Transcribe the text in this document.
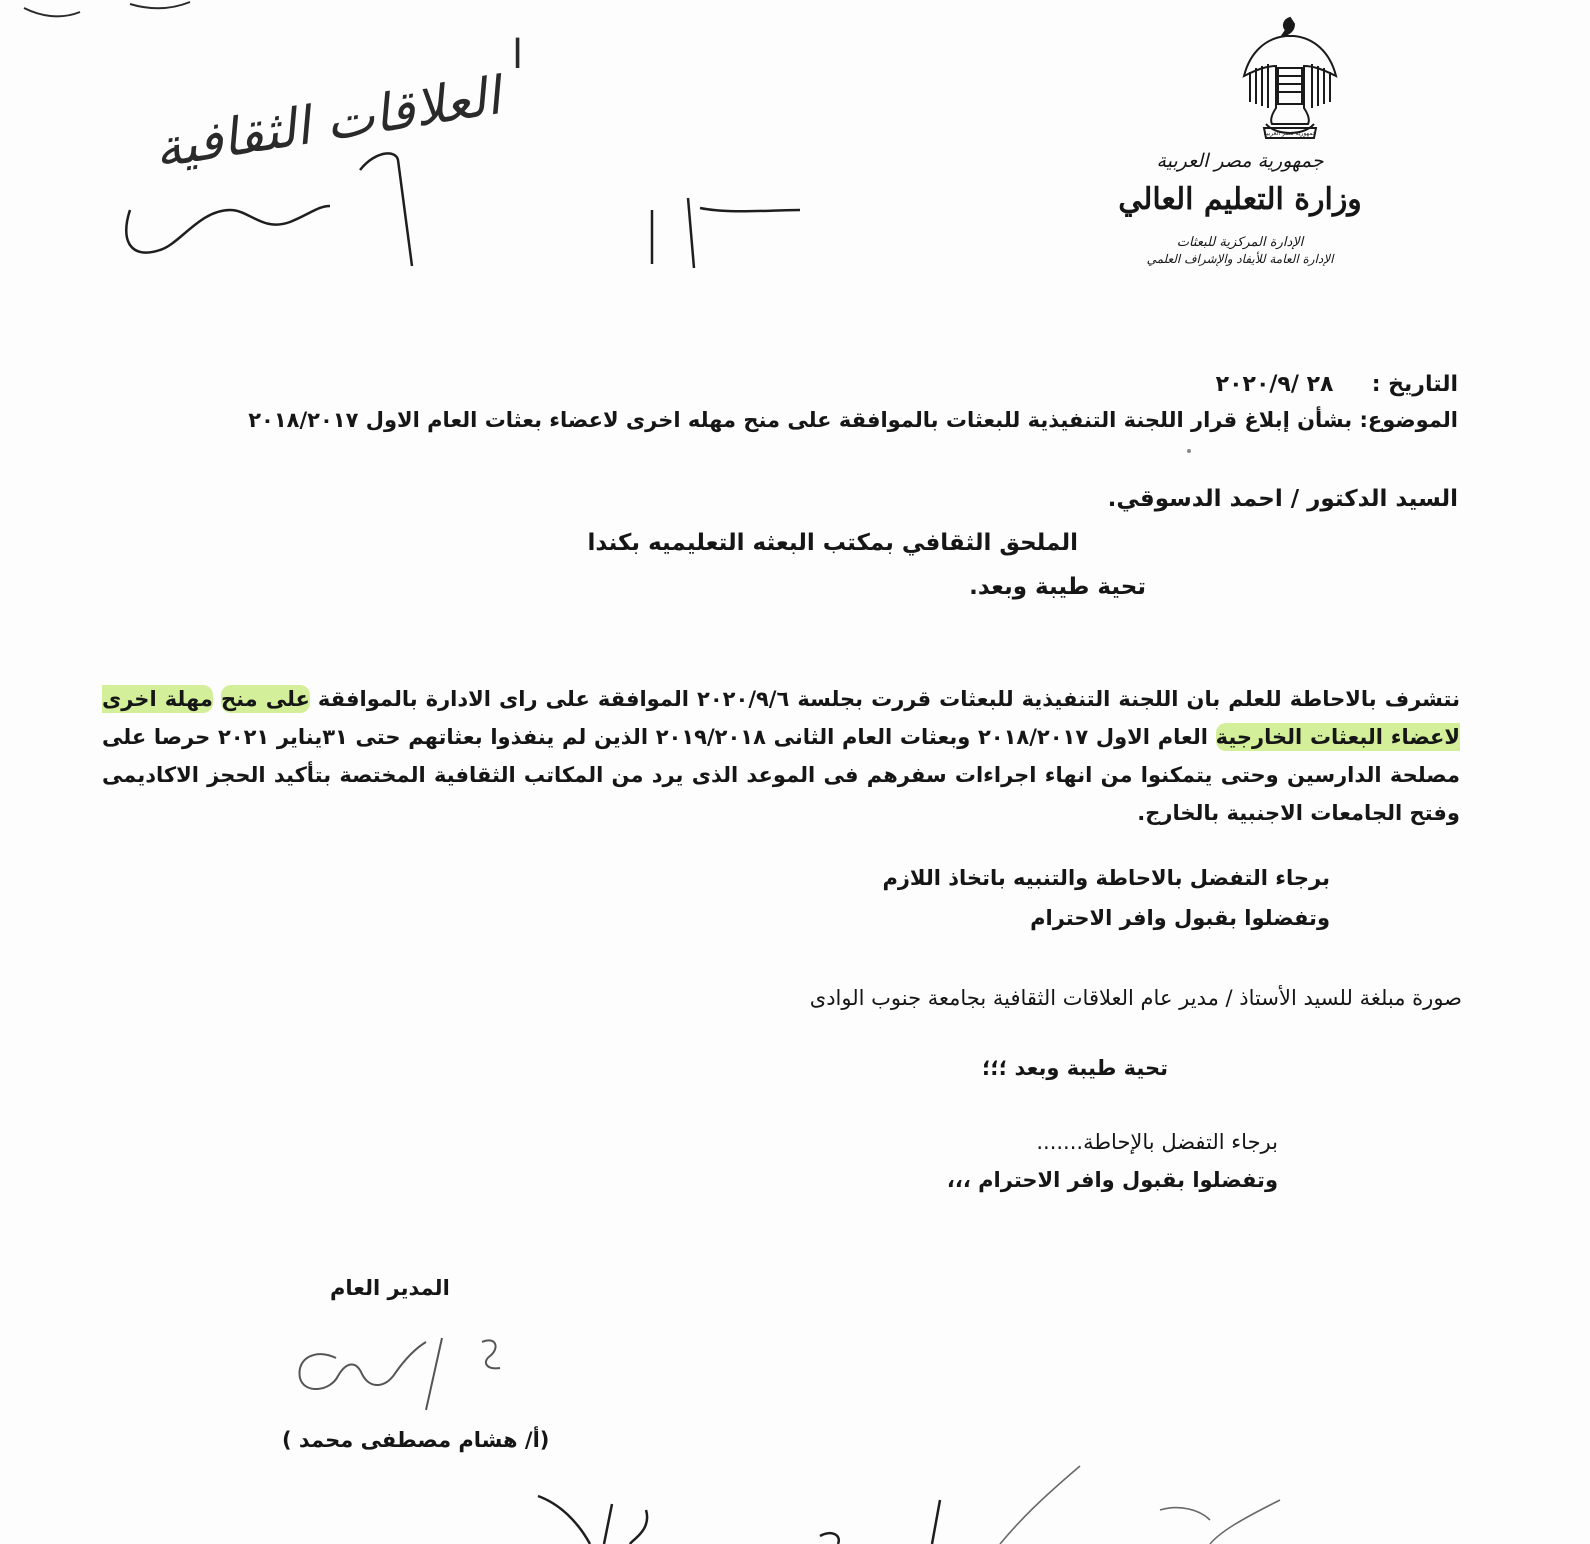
جمهورية مصر العربية
جمهورية مصر العربية
وزارة التعليم العالي
الإدارة المركزية للبعثات
الإدارة العامة للأيفاد والإشراف العلمي
العلاقات الثقافية
ا	١٣
التاريخ :     ٢٨ /٢٠٢٠/٩
الموضوع: بشأن إبلاغ قرار اللجنة التنفيذية للبعثات بالموافقة على منح مهله اخرى لاعضاء بعثات العام الاول ٢٠١٨/٢٠١٧
السيد الدكتور / احمد الدسوقي.
الملحق الثقافي بمكتب البعثه التعليميه بكندا
تحية طيبة وبعد.
نتشرف بالاحاطة للعلم بان اللجنة التنفيذية للبعثات قررت بجلسة ٢٠٢٠/٩/٦ الموافقة على راى الادارة بالموافقة على منح مهلة اخرى لاعضاء البعثات الخارجية العام الاول ٢٠١٨/٢٠١٧ وبعثات العام الثانى ٢٠١٩/٢٠١٨ الذين لم ينفذوا بعثاتهم حتى ٣١يناير ٢٠٢١ حرصا على مصلحة الدارسين وحتى يتمكنوا من انهاء اجراءات سفرهم فى الموعد الذى يرد من المكاتب الثقافية المختصة بتأكيد الحجز الاكاديمى وفتح الجامعات الاجنبية بالخارج.
برجاء التفضل بالاحاطة والتنبيه باتخاذ اللازم
وتفضلوا بقبول وافر الاحترام
صورة مبلغة للسيد الأستاذ / مدير عام العلاقات الثقافية بجامعة جنوب الوادى
تحية طيبة وبعد ؛؛؛
برجاء التفضل بالإحاطة.......
وتفضلوا بقبول وافر الاحترام ،،،
المدير العام
(أ/ هشام مصطفى محمد )
